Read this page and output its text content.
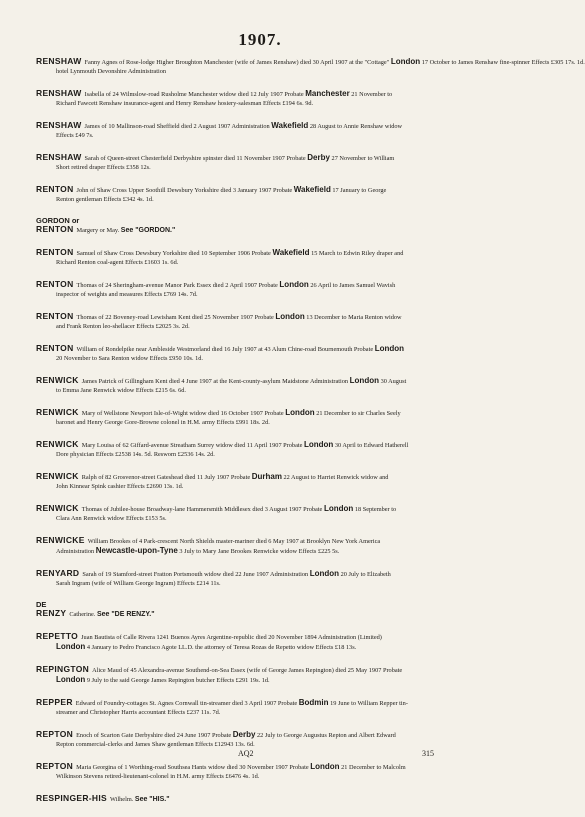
1907.
RENSHAW Fanny Agnes of Rose-lodge Higher Broughton Manchester (wife of James Renshaw) died 30 April 1907 at the "Cottage" London 17 October to James Renshaw fine-spinner Effects £305 17s. 1d.
hotel Lynmouth Devonshire Administration
RENSHAW Isabella of 24 Wilmslow-road Rusholme Manchester widow died 12 July 1907 Probate Manchester 21 November to
Richard Fawcett Renshaw insurance-agent and Henry Renshaw hosiery-salesman Effects £194 6s. 9d.
RENSHAW James of 10 Mallinson-road Sheffield died 2 August 1907 Administration Wakefield 28 August to Annie Renshaw widow
Effects £49 7s.
RENSHAW Sarah of Queen-street Chesterfield Derbyshire spinster died 11 November 1907 Probate Derby 27 November to William
Short retired draper Effects £358 12s.
RENTON John of Shaw Cross Upper Soothill Dewsbury Yorkshire died 3 January 1907 Probate Wakefield 17 January to George
Renton gentleman Effects £342 4s. 1d.
GORDON or
RENTON Margery or May. See "GORDON."
RENTON Samuel of Shaw Cross Dewsbury Yorkshire died 10 September 1906 Probate Wakefield 15 March to Edwin Riley draper and
Richard Renton coal-agent Effects £1603 1s. 6d.
RENTON Thomas of 24 Sheringham-avenue Manor Park Essex died 2 April 1907 Probate London 26 April to James Samuel Wavish
inspector of weights and measures Effects £769 14s. 7d.
RENTON Thomas of 22 Boveney-road Lewisham Kent died 25 November 1907 Probate London 13 December to Maria Renton widow
and Frank Renton leo-shellacer Effects £2025 3s. 2d.
RENTON William of Rondelpike near Ambleside Westmorland died 16 July 1907 at 43 Alum Chine-road Bournemouth Probate London
20 November to Sara Renton widow Effects £950 10s. 1d.
RENWICK James Patrick of Gillingham Kent died 4 June 1907 at the Kent-county-asylum Maidstone Administration London 30 August
to Emma Jane Renwick widow Effects £215 6s. 6d.
RENWICK Mary of Wellstone Newport Isle-of-Wight widow died 16 October 1907 Probate London 21 December to sir Charles Seely
baronet and Henry George Gore-Browne colonel in H.M. army Effects £991 18s. 2d.
RENWICK Mary Louisa of 62 Giffard-avenue Streatham Surrey widow died 11 April 1907 Probate London 30 April to Edward Hatherell
Dore physician Effects £2538 14s. 5d. Resworn £2536 14s. 2d.
RENWICK Ralph of 82 Grosvenor-street Gateshead died 11 July 1907 Probate Durham 22 August to Harriet Renwick widow and
John Kinnear Spink cashier Effects £2690 13s. 1d.
RENWICK Thomas of Jubilee-house Broadway-lane Hammersmith Middlesex died 3 August 1907 Probate London 18 September to
Clara Ann Renwick widow Effects £153 5s.
RENWICKE William Brookes of 4 Park-crescent North Shields master-mariner died 6 May 1907 at Brooklyn New York America
Administration Newcastle-upon-Tyne 3 July to Mary Jane Brookes Renwicke widow Effects £225 5s.
RENYARD Sarah of 19 Stamford-street Fratton Portsmouth widow died 22 June 1907 Administration London 20 July to Elizabeth
Sarah Ingram (wife of William George Ingram) Effects £214 11s.
DE
RENZY Catherine. See "DE RENZY."
REPETTO Juan Bautista of Calle Rivera 1241 Buenos Ayres Argentine-republic died 20 November 1894 Administration (Limited)
London 4 January to Pedro Francisco Agote LL.D. the attorney of Teresa Rozas de Repetto widow Effects £18 13s.
REPINGTON Alice Maud of 45 Alexandra-avenue Southend-on-Sea Essex (wife of George James Repington) died 25 May 1907 Probate
London 9 July to the said George James Repington butcher Effects £291 19s. 1d.
REPPER Edward of Foundry-cottages St. Agnes Cornwall tin-streamer died 3 April 1907 Probate Bodmin 19 June to William Repper tin-
streamer and Christopher Harris accountant Effects £237 11s. 7d.
REPTON Enoch of Scarton Gate Derbyshire died 24 June 1907 Probate Derby 22 July to George Augustus Repton and Albert Edward
Repton commercial-clerks and James Shaw gentleman Effects £12943 13s. 6d.
REPTON Maria Georgina of 1 Worthing-road Southsea Hants widow died 30 November 1907 Probate London 21 December to Malcolm
Wilkinson Stevens retired-lieutenant-colonel in H.M. army Effects £6476 4s. 1d.
RESPINGER-HIS Wilhelm. See "HIS."
AQ2	315
